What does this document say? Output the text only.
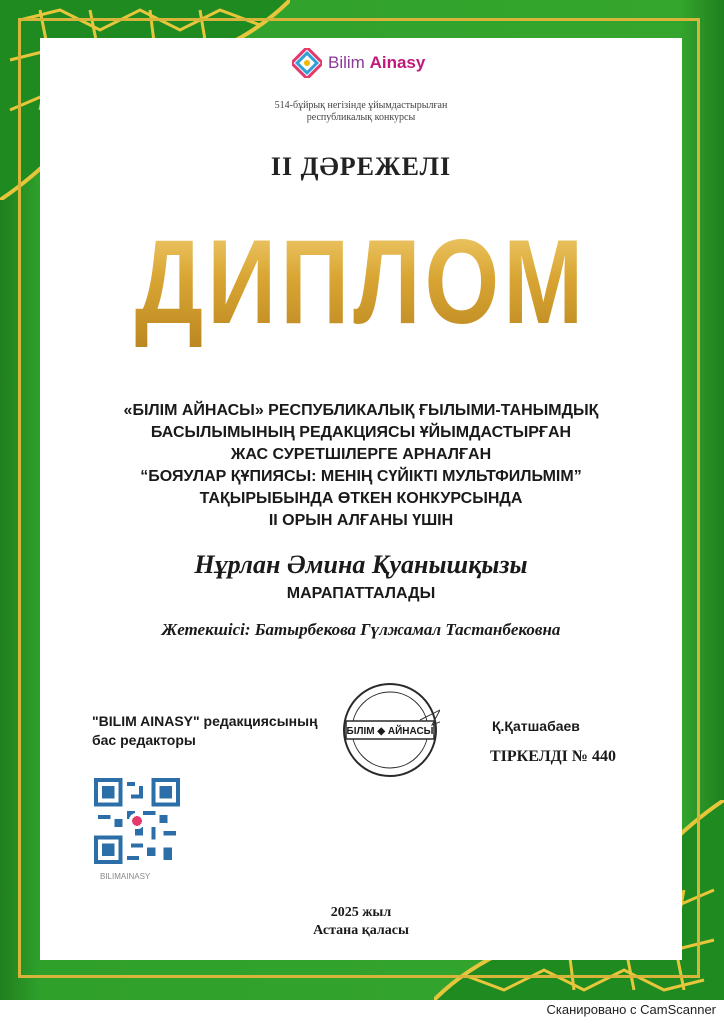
Bilim Ainasy
514-бұйрық негізінде ұйымдастырылған
республикалық конкурсы
II ДӘРЕЖЕЛІ
ДИПЛОМ
«БІЛІМ АЙНАСЫ» РЕСПУБЛИКАЛЫҚ ҒЫЛЫМИ-ТАНЫМДЫҚ
БАСЫЛЫМЫНЫҢ РЕДАКЦИЯСЫ ҰЙЫМДАСТЫРҒАН
ЖАС СУРЕТШІЛЕРГЕ АРНАЛҒАН
“БОЯУЛАР ҚҰПИЯСЫ: МЕНІҢ СҮЙІКТІ МУЛЬТФИЛЬМІМ”
ТАҚЫРЫБЫНДА ӨТКЕН КОНКУРСЫНДА
II ОРЫН АЛҒАНЫ ҮШІН
Нұрлан Әмина Қуанышқызы
МАРАПАТТАЛАДЫ
Жетекшісі: Батырбекова Гүлжамал Тастанбековна
"BILIM AINASY" редакциясының
бас редакторы
БІЛІМ ◆ АЙНАСЫ	Қ.Қатшабаев
ТІРКЕЛДІ № 440
BILIMAINASY
2025 жыл
Астана қаласы
Сканировано с CamScanner
